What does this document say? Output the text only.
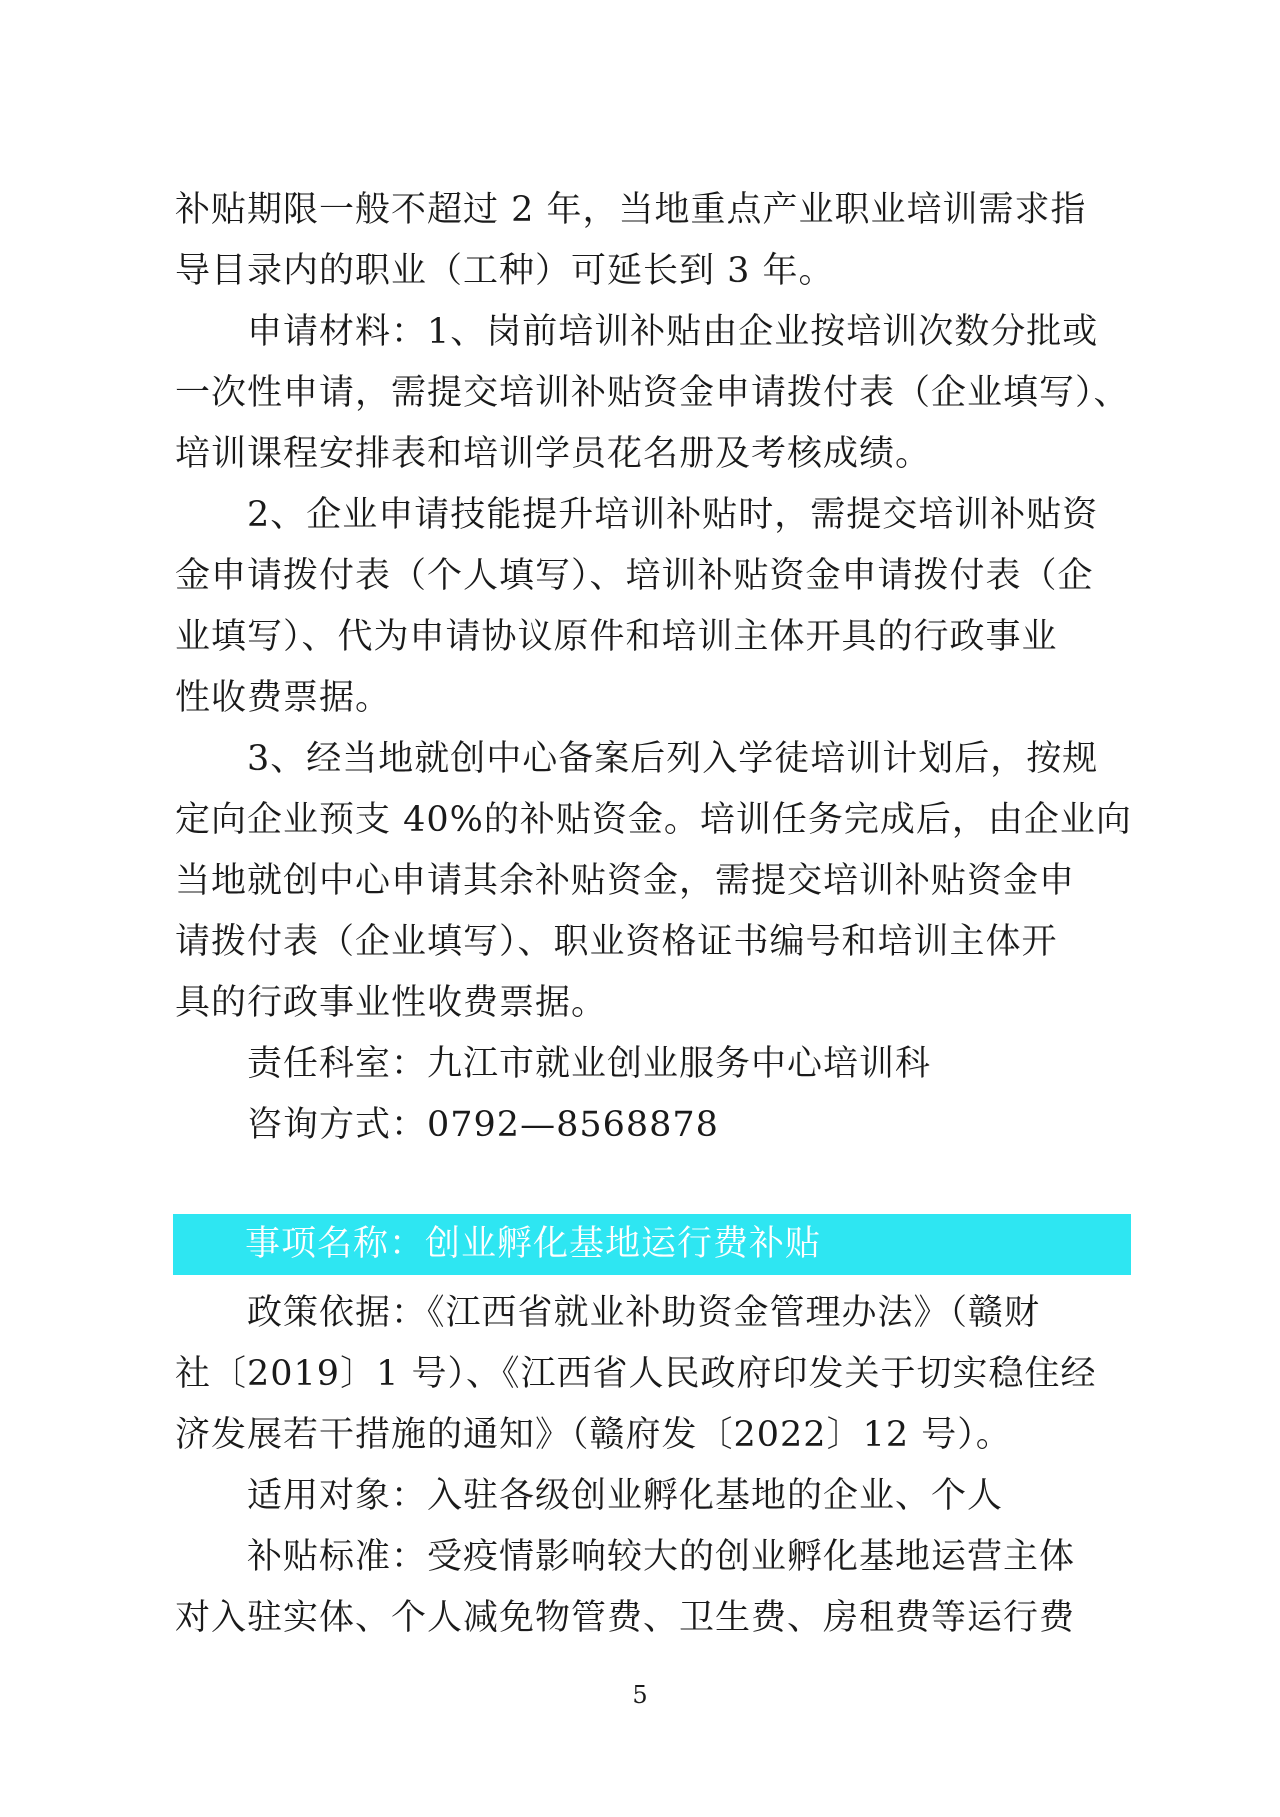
补贴期限一般不超过 2 年，当地重点产业职业培训需求指
导目录内的职业（工种）可延长到 3 年。
申请材料：1、岗前培训补贴由企业按培训次数分批或
一次性申请，需提交培训补贴资金申请拨付表（企业填写）、
培训课程安排表和培训学员花名册及考核成绩。
2、企业申请技能提升培训补贴时，需提交培训补贴资
金申请拨付表（个人填写）、培训补贴资金申请拨付表（企
业填写）、代为申请协议原件和培训主体开具的行政事业
性收费票据。
3、经当地就创中心备案后列入学徒培训计划后，按规
定向企业预支 40%的补贴资金。培训任务完成后，由企业向
当地就创中心申请其余补贴资金，需提交培训补贴资金申
请拨付表（企业填写）、职业资格证书编号和培训主体开
具的行政事业性收费票据。
责任科室：九江市就业创业服务中心培训科
咨询方式：0792—8568878
事项名称：创业孵化基地运行费补贴
政策依据：《江西省就业补助资金管理办法》（赣财
社〔2019〕1 号）、《江西省人民政府印发关于切实稳住经
济发展若干措施的通知》（赣府发〔2022〕12 号）。
适用对象：入驻各级创业孵化基地的企业、个人
补贴标准：受疫情影响较大的创业孵化基地运营主体
对入驻实体、个人减免物管费、卫生费、房租费等运行费
5
